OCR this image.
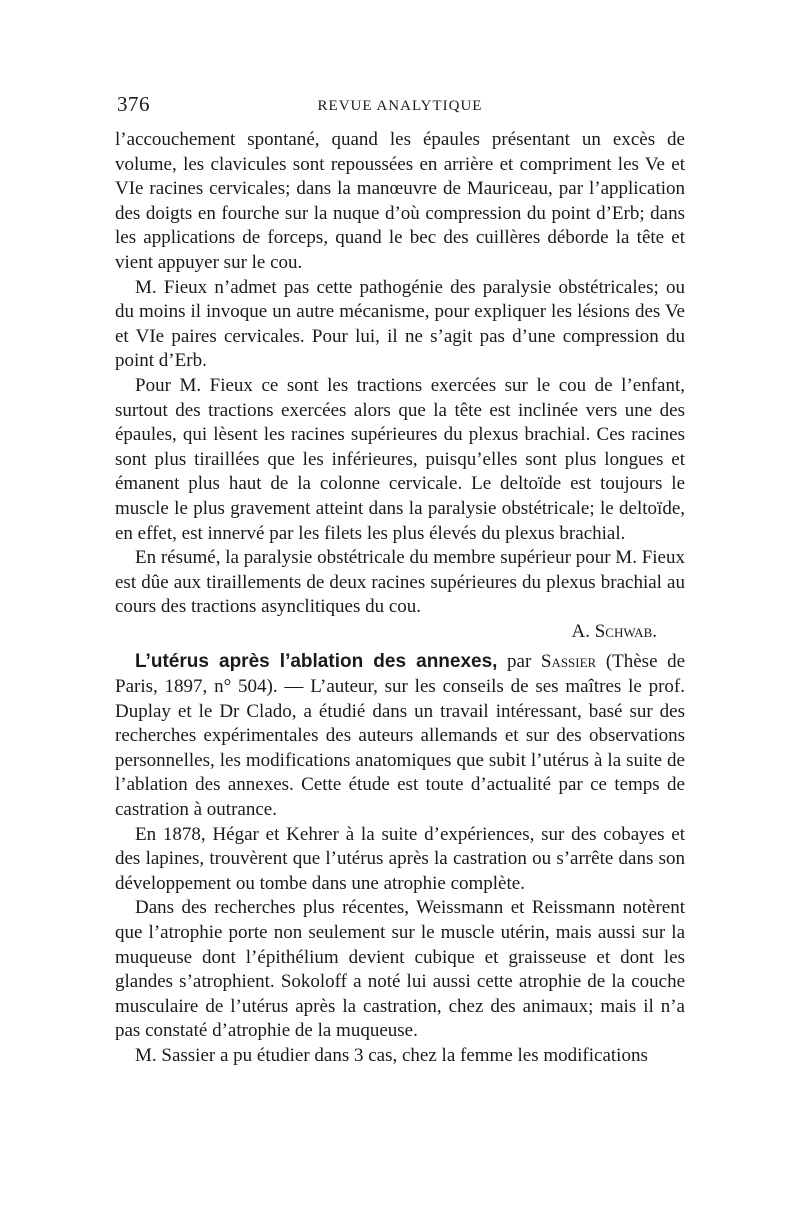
376	REVUE ANALYTIQUE

l’accouchement spontané, quand les épaules présentant un excès de volume, les clavicules sont repoussées en arrière et compriment les Ve et VIe racines cervicales; dans la manœuvre de Mauriceau, par l’application des doigts en fourche sur la nuque d’où compression du point d’Erb; dans les applications de forceps, quand le bec des cuillères déborde la tête et vient appuyer sur le cou.

M. Fieux n’admet pas cette pathogénie des paralysie obstétricales; ou du moins il invoque un autre mécanisme, pour expliquer les lésions des Ve et VIe paires cervicales. Pour lui, il ne s’agit pas d’une compression du point d’Erb.

Pour M. Fieux ce sont les tractions exercées sur le cou de l’enfant, surtout des tractions exercées alors que la tête est inclinée vers une des épaules, qui lèsent les racines supérieures du plexus brachial. Ces racines sont plus tiraillées que les inférieures, puisqu’elles sont plus longues et émanent plus haut de la colonne cervicale. Le deltoïde est toujours le muscle le plus gravement atteint dans la paralysie obstétricale; le deltoïde, en effet, est innervé par les filets les plus élevés du plexus brachial.

En résumé, la paralysie obstétricale du membre supérieur pour M. Fieux est dûe aux tiraillements de deux racines supérieures du plexus brachial au cours des tractions asynclitiques du cou.

A. Schwab.

L’utérus après l’ablation des annexes, par Sassier (Thèse de Paris, 1897, n° 504). — L’auteur, sur les conseils de ses maîtres le prof. Duplay et le Dr Clado, a étudié dans un travail intéressant, basé sur des recherches expérimentales des auteurs allemands et sur des observations personnelles, les modifications anatomiques que subit l’utérus à la suite de l’ablation des annexes. Cette étude est toute d’actualité par ce temps de castration à outrance.

En 1878, Hégar et Kehrer à la suite d’expériences, sur des cobayes et des lapines, trouvèrent que l’utérus après la castration ou s’arrête dans son développement ou tombe dans une atrophie complète.

Dans des recherches plus récentes, Weissmann et Reissmann notèrent que l’atrophie porte non seulement sur le muscle utérin, mais aussi sur la muqueuse dont l’épithélium devient cubique et graisseuse et dont les glandes s’atrophient. Sokoloff a noté lui aussi cette atrophie de la couche musculaire de l’utérus après la castration, chez des animaux; mais il n’a pas constaté d’atrophie de la muqueuse.

M. Sassier a pu étudier dans 3 cas, chez la femme les modifications
